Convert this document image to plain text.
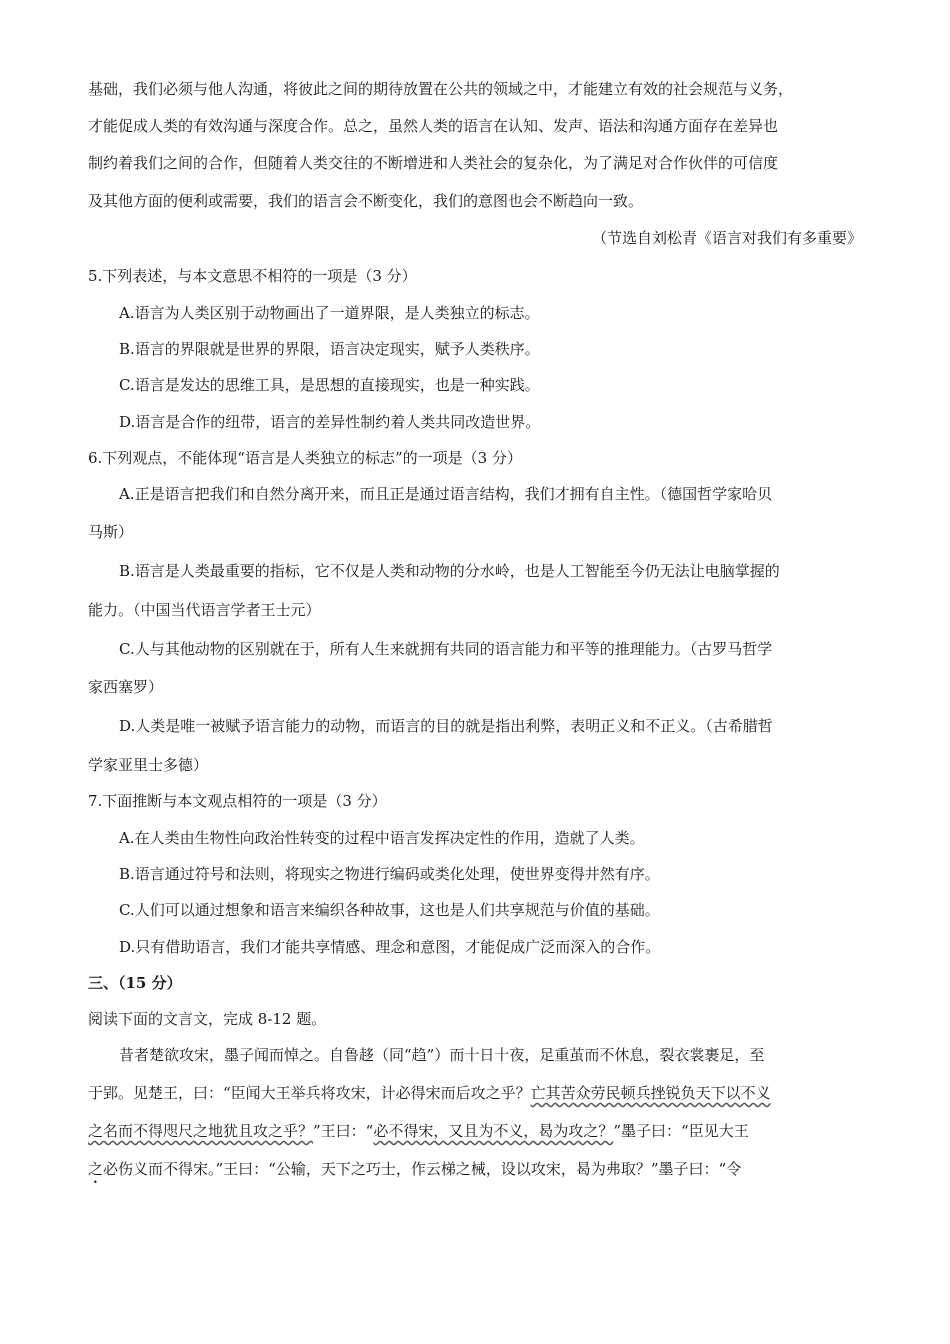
基础，我们必须与他人沟通，将彼此之间的期待放置在公共的领域之中，才能建立有效的社会规范与义务，
才能促成人类的有效沟通与深度合作。总之，虽然人类的语言在认知、发声、语法和沟通方面存在差异也
制约着我们之间的合作，但随着人类交往的不断增进和人类社会的复杂化，为了满足对合作伙伴的可信度
及其他方面的便利或需要，我们的语言会不断变化，我们的意图也会不断趋向一致。
（节选自刘松青《语言对我们有多重要》
5.下列表述，与本文意思不相符的一项是（3 分）
A.语言为人类区别于动物画出了一道界限，是人类独立的标志。
B.语言的界限就是世界的界限，语言决定现实，赋予人类秩序。
C.语言是发达的思维工具，是思想的直接现实，也是一种实践。
D.语言是合作的纽带，语言的差异性制约着人类共同改造世界。
6.下列观点，不能体现“语言是人类独立的标志”的一项是（3 分）
A.正是语言把我们和自然分离开来，而且正是通过语言结构，我们才拥有自主性。（德国哲学家哈贝
马斯）
B.语言是人类最重要的指标，它不仅是人类和动物的分水岭，也是人工智能至今仍无法让电脑掌握的
能力。（中国当代语言学者王士元）
C.人与其他动物的区别就在于，所有人生来就拥有共同的语言能力和平等的推理能力。（古罗马哲学
家西塞罗）
D.人类是唯一被赋予语言能力的动物，而语言的目的就是指出利弊，表明正义和不正义。（古希腊哲
学家亚里士多德）
7.下面推断与本文观点相符的一项是（3 分）
A.在人类由生物性向政治性转变的过程中语言发挥决定性的作用，造就了人类。
B.语言通过符号和法则，将现实之物进行编码或类化处理，使世界变得井然有序。
C.人们可以通过想象和语言来编织各种故事，这也是人们共享规范与价值的基础。
D.只有借助语言，我们才能共享情感、理念和意图，才能促成广泛而深入的合作。
三、（15 分）
阅读下面的文言文，完成 8-12 题。
昔者楚欲攻宋，墨子闻而悼之。自鲁趍（同“趋”）而十日十夜，足重茧而不休息，裂衣裳裹足，至
于郢。见楚王，曰：“臣闻大王举兵将攻宋，计必得宋而后攻之乎？亡其苦众劳民顿兵挫锐负天下以不义
之名而不得咫尺之地犹且攻之乎？”王曰：“必不得宋，又且为不义，曷为攻之？”墨子曰：“臣见大王
之必伤义而不得宋。”王曰：“公输，天下之巧士，作云梯之械，设以攻宋，曷为弗取？”墨子曰：“令
